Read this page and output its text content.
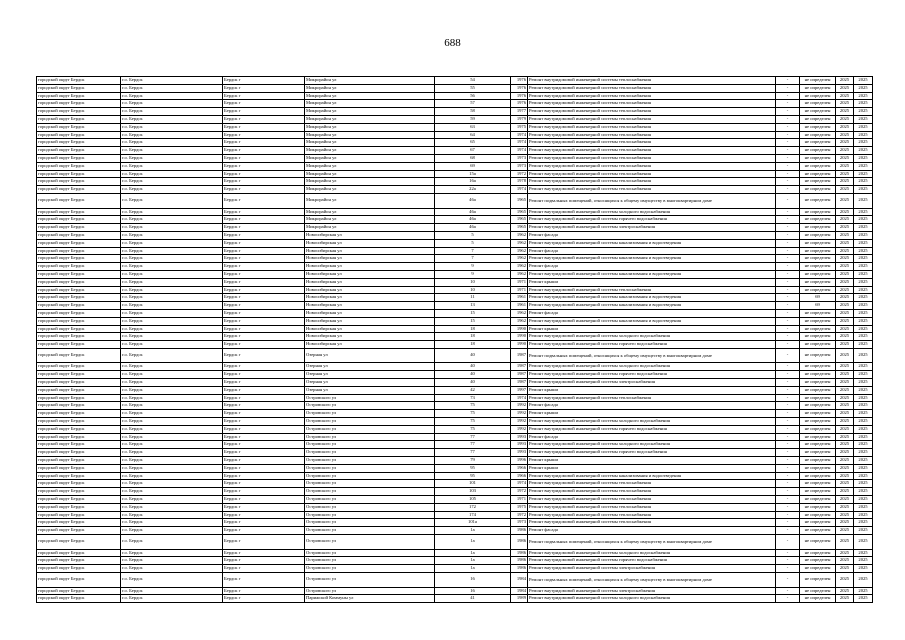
688
городской округ Бердск	г.о. Бердск	Бердск г	Микрорайон ул	54	1976	Ремонт внутридомовой инженерной системы теплоснабжения	-	не определен	2025	2025
городской округ Бердск	г.о. Бердск	Бердск г	Микрорайон ул	55	1976	Ремонт внутридомовой инженерной системы теплоснабжения	-	не определен	2025	2025
городской округ Бердск	г.о. Бердск	Бердск г	Микрорайон ул	56	1976	Ремонт внутридомовой инженерной системы теплоснабжения	-	не определен	2025	2025
городской округ Бердск	г.о. Бердск	Бердск г	Микрорайон ул	57	1976	Ремонт внутридомовой инженерной системы теплоснабжения	-	не определен	2025	2025
городской округ Бердск	г.о. Бердск	Бердск г	Микрорайон ул	58	1977	Ремонт внутридомовой инженерной системы теплоснабжения	-	не определен	2025	2025
городской округ Бердск	г.о. Бердск	Бердск г	Микрорайон ул	59	1979	Ремонт внутридомовой инженерной системы теплоснабжения	-	не определен	2025	2025
городской округ Бердск	г.о. Бердск	Бердск г	Микрорайон ул	63	1975	Ремонт внутридомовой инженерной системы теплоснабжения	-	не определен	2025	2025
городской округ Бердск	г.о. Бердск	Бердск г	Микрорайон ул	64	1974	Ремонт внутридомовой инженерной системы теплоснабжения	-	не определен	2025	2025
городской округ Бердск	г.о. Бердск	Бердск г	Микрорайон ул	65	1974	Ремонт внутридомовой инженерной системы теплоснабжения	-	не определен	2025	2025
городской округ Бердск	г.о. Бердск	Бердск г	Микрорайон ул	67	1974	Ремонт внутридомовой инженерной системы теплоснабжения	-	не определен	2025	2025
городской округ Бердск	г.о. Бердск	Бердск г	Микрорайон ул	68	1973	Ремонт внутридомовой инженерной системы теплоснабжения	-	не определен	2025	2025
городской округ Бердск	г.о. Бердск	Бердск г	Микрорайон ул	69	1973	Ремонт внутридомовой инженерной системы теплоснабжения	-	не определен	2025	2025
городской округ Бердск	г.о. Бердск	Бердск г	Микрорайон ул	15а	1972	Ремонт внутридомовой инженерной системы теплоснабжения	-	не определен	2025	2025
городской округ Бердск	г.о. Бердск	Бердск г	Микрорайон ул	16а	1978	Ремонт внутридомовой инженерной системы теплоснабжения	-	не определен	2025	2025
городской округ Бердск	г.о. Бердск	Бердск г	Микрорайон ул	22а	1974	Ремонт внутридомовой инженерной системы теплоснабжения	-	не определен	2025	2025
городской округ Бердск	г.о. Бердск	Бердск г	Микрорайон ул	46а	1965	Ремонт подвальных помещений, относящихся к общему имуществу в многоквартирном доме	-	не определен	2025	2025
городской округ Бердск	г.о. Бердск	Бердск г	Микрорайон ул	46а	1965	Ремонт внутридомовой инженерной системы холодного водоснабжения	-	не определен	2025	2025
городской округ Бердск	г.о. Бердск	Бердск г	Микрорайон ул	46а	1965	Ремонт внутридомовой инженерной системы горячего водоснабжения	-	не определен	2025	2025
городской округ Бердск	г.о. Бердск	Бердск г	Микрорайон ул	46а	1965	Ремонт внутридомовой инженерной системы электроснабжения	-	не определен	2025	2025
городской округ Бердск	г.о. Бердск	Бердск г	Новосибирская ул	5	1962	Ремонт фасада	-	не определен	2025	2025
городской округ Бердск	г.о. Бердск	Бердск г	Новосибирская ул	5	1962	Ремонт внутридомовой инженерной системы канализования и водоотведения	-	не определен	2025	2025
городской округ Бердск	г.о. Бердск	Бердск г	Новосибирская ул	7	1962	Ремонт фасада	-	не определен	2025	2025
городской округ Бердск	г.о. Бердск	Бердск г	Новосибирская ул	7	1962	Ремонт внутридомовой инженерной системы канализования и водоотведения	-	не определен	2025	2025
городской округ Бердск	г.о. Бердск	Бердск г	Новосибирская ул	9	1962	Ремонт фасада	-	не определен	2025	2025
городской округ Бердск	г.о. Бердск	Бердск г	Новосибирская ул	9	1962	Ремонт внутридомовой инженерной системы канализования и водоотведения	-	не определен	2025	2025
городской округ Бердск	г.о. Бердск	Бердск г	Новосибирская ул	10	1971	Ремонт крыши	-	не определен	2025	2025
городской округ Бердск	г.о. Бердск	Бердск г	Новосибирская ул	10	1971	Ремонт внутридомовой инженерной системы теплоснабжения	-	не определен	2025	2025
городской округ Бердск	г.о. Бердск	Бердск г	Новосибирская ул	11	1961	Ремонт внутридомовой инженерной системы канализования и водоотведения	-	69	2025	2025
городской округ Бердск	г.о. Бердск	Бердск г	Новосибирская ул	13	1961	Ремонт внутридомовой инженерной системы канализования и водоотведения	-	69	2025	2025
городской округ Бердск	г.о. Бердск	Бердск г	Новосибирская ул	15	1962	Ремонт фасада	-	не определен	2025	2025
городской округ Бердск	г.о. Бердск	Бердск г	Новосибирская ул	15	1962	Ремонт внутридомовой инженерной системы канализования и водоотведения	-	не определен	2025	2025
городской округ Бердск	г.о. Бердск	Бердск г	Новосибирская ул	18	1990	Ремонт крыши	-	не определен	2025	2025
городской округ Бердск	г.о. Бердск	Бердск г	Новосибирская ул	18	1990	Ремонт внутридомовой инженерной системы холодного водоснабжения	-	не определен	2025	2025
городской округ Бердск	г.о. Бердск	Бердск г	Новосибирская ул	18	1990	Ремонт внутридомовой инженерной системы горячего водоснабжения	-	не определен	2025	2025
городской округ Бердск	г.о. Бердск	Бердск г	Озерная ул	40	1987	Ремонт подвальных помещений, относящихся к общему имуществу в многоквартирном доме	-	не определен	2025	2025
городской округ Бердск	г.о. Бердск	Бердск г	Озерная ул	40	1987	Ремонт внутридомовой инженерной системы холодного водоснабжения	-	не определен	2025	2025
городской округ Бердск	г.о. Бердск	Бердск г	Озерная ул	40	1987	Ремонт внутридомовой инженерной системы горячего водоснабжения	-	не определен	2025	2025
городской округ Бердск	г.о. Бердск	Бердск г	Озерная ул	40	1987	Ремонт внутридомовой инженерной системы электроснабжения	-	не определен	2025	2025
городской округ Бердск	г.о. Бердск	Бердск г	Озерная ул	42	1997	Ремонт крыши	-	не определен	2025	2025
городской округ Бердск	г.о. Бердск	Бердск г	Островского ул	73	1974	Ремонт внутридомовой инженерной системы теплоснабжения	-	не определен	2025	2025
городской округ Бердск	г.о. Бердск	Бердск г	Островского ул	75	1992	Ремонт фасада	-	не определен	2025	2025
городской округ Бердск	г.о. Бердск	Бердск г	Островского ул	75	1992	Ремонт крыши	-	не определен	2025	2025
городской округ Бердск	г.о. Бердск	Бердск г	Островского ул	75	1992	Ремонт внутридомовой инженерной системы холодного водоснабжения	-	не определен	2025	2025
городской округ Бердск	г.о. Бердск	Бердск г	Островского ул	75	1992	Ремонт внутридомовой инженерной системы горячего водоснабжения	-	не определен	2025	2025
городской округ Бердск	г.о. Бердск	Бердск г	Островского ул	77	1993	Ремонт фасада	-	не определен	2025	2025
городской округ Бердск	г.о. Бердск	Бердск г	Островского ул	77	1993	Ремонт внутридомовой инженерной системы холодного водоснабжения	-	не определен	2025	2025
городской округ Бердск	г.о. Бердск	Бердск г	Островского ул	77	1993	Ремонт внутридомовой инженерной системы горячего водоснабжения	-	не определен	2025	2025
городской округ Бердск	г.о. Бердск	Бердск г	Островского ул	79	1996	Ремонт крыши	-	не определен	2025	2025
городской округ Бердск	г.о. Бердск	Бердск г	Островского ул	95	1966	Ремонт крыши	-	не определен	2025	2025
городской округ Бердск	г.о. Бердск	Бердск г	Островского ул	95	1966	Ремонт внутридомовой инженерной системы канализования и водоотведения	-	не определен	2025	2025
городской округ Бердск	г.о. Бердск	Бердск г	Островского ул	101	1974	Ремонт внутридомовой инженерной системы теплоснабжения	-	не определен	2025	2025
городской округ Бердск	г.о. Бердск	Бердск г	Островского ул	103	1972	Ремонт внутридомовой инженерной системы теплоснабжения	-	не определен	2025	2025
городской округ Бердск	г.о. Бердск	Бердск г	Островского ул	105	1971	Ремонт внутридомовой инженерной системы теплоснабжения	-	не определен	2025	2025
городской округ Бердск	г.о. Бердск	Бердск г	Островского ул	172	1975	Ремонт внутридомовой инженерной системы теплоснабжения	-	не определен	2025	2025
городской округ Бердск	г.о. Бердск	Бердск г	Островского ул	174	1972	Ремонт внутридомовой инженерной системы теплоснабжения	-	не определен	2025	2025
городской округ Бердск	г.о. Бердск	Бердск г	Островского ул	101а	1973	Ремонт внутридомовой инженерной системы теплоснабжения	-	не определен	2025	2025
городской округ Бердск	г.о. Бердск	Бердск г	Островского ул	1а	1986	Ремонт фасада	-	не определен	2025	2025
городской округ Бердск	г.о. Бердск	Бердск г	Островского ул	1а	1986	Ремонт подвальных помещений, относящихся к общему имуществу в многоквартирном доме	-	не определен	2025	2025
городской округ Бердск	г.о. Бердск	Бердск г	Островского ул	1а	1986	Ремонт внутридомовой инженерной системы холодного водоснабжения	-	не определен	2025	2025
городской округ Бердск	г.о. Бердск	Бердск г	Островского ул	1а	1986	Ремонт внутридомовой инженерной системы горячего водоснабжения	-	не определен	2025	2025
городской округ Бердск	г.о. Бердск	Бердск г	Островского ул	1а	1986	Ремонт внутридомовой инженерной системы электроснабжения	-	не определен	2025	2025
городской округ Бердск	г.о. Бердск	Бердск г	Островского ул	16	1984	Ремонт подвальных помещений, относящихся к общему имуществу в многоквартирном доме	-	не определен	2025	2025
городской округ Бердск	г.о. Бердск	Бердск г	Островского ул	16	1984	Ремонт внутридомовой инженерной системы электроснабжения	-	не определен	2025	2025
городской округ Бердск	г.о. Бердск	Бердск г	Парижской Коммуны ул	41	1989	Ремонт внутридомовой инженерной системы холодного водоснабжения	-	не определен	2025	2025
